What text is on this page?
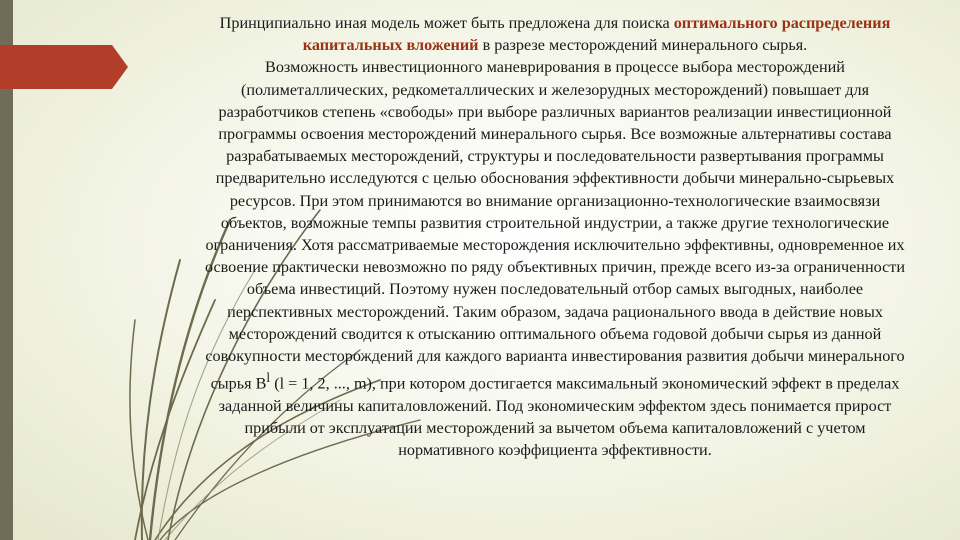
Принципиально иная модель может быть предложена для поиска оптимального распределения капитальных вложений в разрезе месторождений минерального сырья.

Возможность инвестиционного маневрирования в процессе выбора месторождений (полиметаллических, редкометаллических и железорудных месторождений) повышает для разработчиков степень «свободы» при выборе различных вариантов реализации инвестиционной программы освоения месторождений минерального сырья. Все возможные альтернативы состава разрабатываемых месторождений, структуры и последовательности развертывания программы предварительно исследуются с целью обоснования эффективности добычи минерально-сырьевых ресурсов. При этом принимаются во внимание организационно-технологические взаимосвязи объектов, возможные темпы развития строительной индустрии, а также другие технологические ограничения. Хотя рассматриваемые месторождения исключительно эффективны, одновременное их освоение практически невозможно по ряду объективных причин, прежде всего из-за ограниченности объема инвестиций. Поэтому нужен последовательный отбор самых выгодных, наиболее перспективных месторождений. Таким образом, задача рационального ввода в действие новых месторождений сводится к отысканию оптимального объема годовой добычи сырья из данной совокупности месторождений для каждого варианта инвестирования развития добычи минерального сырья $B^l$ (l = 1, 2, ..., m), при котором достигается максимальный экономический эффект в пределах заданной величины капиталовложений. Под экономическим эффектом здесь понимается прирост прибыли от эксплуатации месторождений за вычетом объема капиталовложений с учетом нормативного коэффициента эффективности.
